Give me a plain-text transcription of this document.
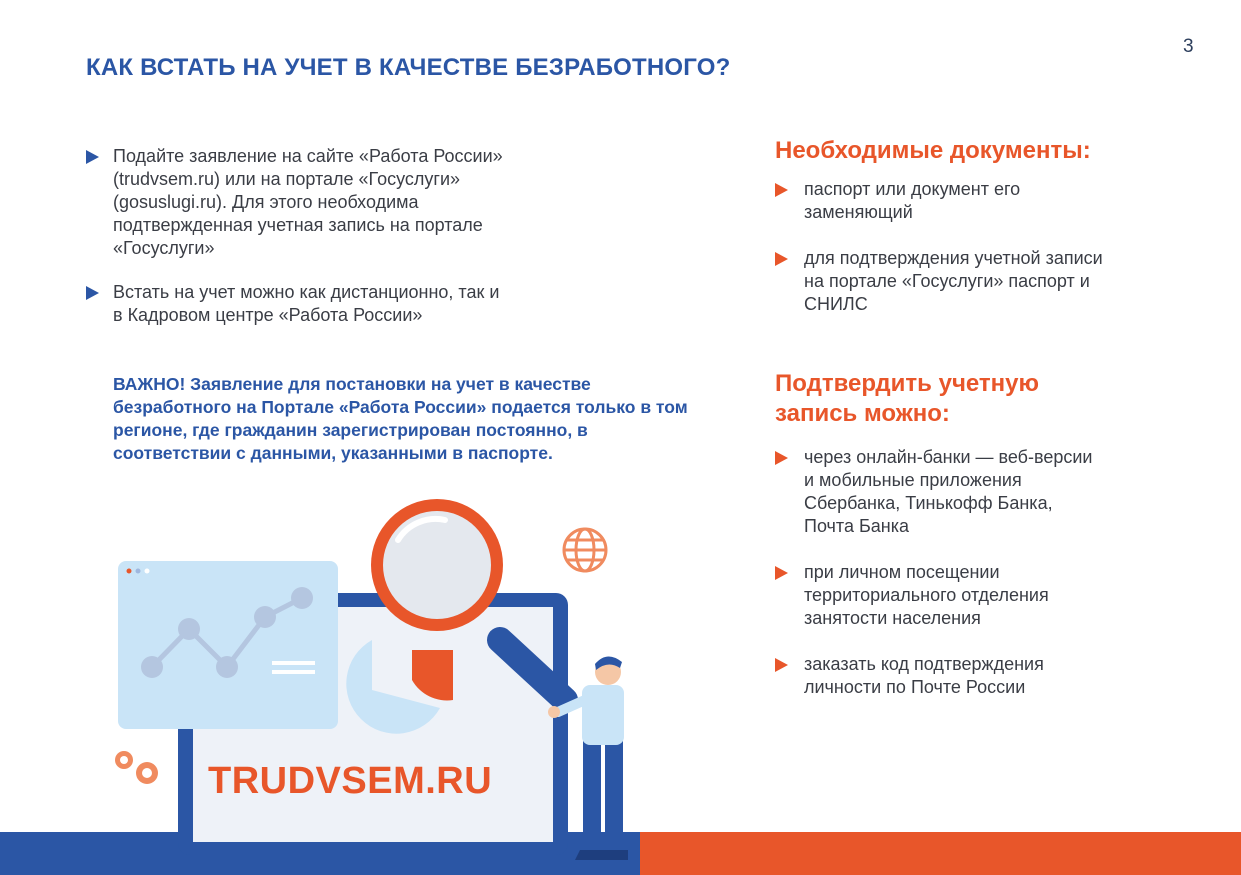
3
КАК ВСТАТЬ НА УЧЕТ В КАЧЕСТВЕ БЕЗРАБОТНОГО?
Подайте заявление на сайте «Работа России» (trudvsem.ru) или на портале «Госуслуги» (gosuslugi.ru). Для этого необходима подтвержденная учетная запись на портале «Госуслуги»
Встать на учет можно как дистанционно, так и в Кадровом центре «Работа России»

ВАЖНО! Заявление для постановки на учет в качестве безработного на Портале «Работа России» подается только в том регионе, где гражданин зарегистрирован постоянно, в соответствии с данными, указанными в паспорте.

Необходимые документы:
паспорт или документ его заменяющий
для подтверждения учетной записи на портале «Госуслуги» паспорт и СНИЛС
Подтвердить учетную запись можно:
через онлайн-банки — веб-версии и мобильные приложения Сбербанка, Тинькофф Банка, Почта Банка
при личном посещении территориального отделения занятости населения
заказать код подтверждения личности по Почте России

TRUDVSEM.RU
